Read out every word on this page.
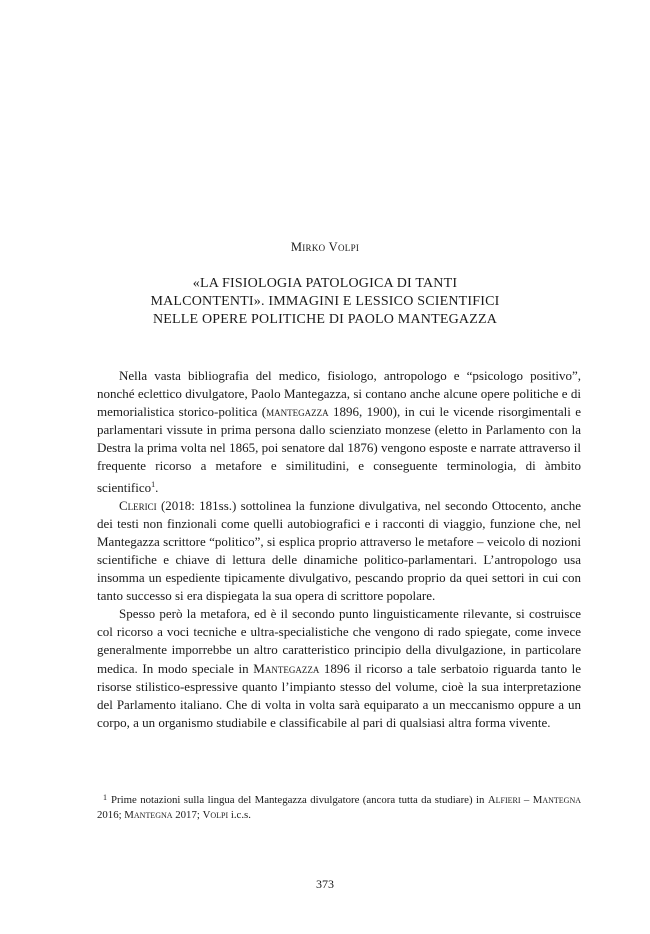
Mirko Volpi
«LA FISIOLOGIA PATOLOGICA DI TANTI
MALCONTENTI». IMMAGINI E LESSICO SCIENTIFICI
NELLE OPERE POLITICHE DI PAOLO MANTEGAZZA

Nella vasta bibliografia del medico, fisiologo, antropologo e “psicologo positivo”, nonché eclettico divulgatore, Paolo Mantegazza, si contano anche alcune opere politiche e di memorialistica storico-politica (mantegazza 1896, 1900), in cui le vicende risorgimentali e parlamentari vissute in prima persona dallo scienziato monzese (eletto in Parlamento con la Destra la prima volta nel 1865, poi senatore dal 1876) vengono esposte e narrate attraverso il frequente ricorso a metafore e similitudini, e conseguente terminologia, di àmbito scientifico$^1$.

Clerici (2018: 181ss.) sottolinea la funzione divulgativa, nel secondo Ottocento, anche dei testi non finzionali come quelli autobiografici e i racconti di viaggio, funzione che, nel Mantegazza scrittore “politico”, si esplica proprio attraverso le metafore – veicolo di nozioni scientifiche e chiave di lettura delle dinamiche politico-parlamentari. L’antropologo usa insomma un espediente tipicamente divulgativo, pescando proprio da quei settori in cui con tanto successo si era dispiegata la sua opera di scrittore popolare.

Spesso però la metafora, ed è il secondo punto linguisticamente rilevante, si costruisce col ricorso a voci tecniche e ultra-specialistiche che vengono di rado spiegate, come invece generalmente imporrebbe un altro caratteristico principio della divulgazione, in particolare medica. In modo speciale in Mantegazza 1896 il ricorso a tale serbatoio riguarda tanto le risorse stilistico-espressive quanto l’impianto stesso del volume, cioè la sua interpretazione del Parlamento italiano. Che di volta in volta sarà equiparato a un meccanismo oppure a un corpo, a un organismo studiabile e classificabile al pari di qualsiasi altra forma vivente.

$^1$ Prime notazioni sulla lingua del Mantegazza divulgatore (ancora tutta da studiare) in Alfieri – Mantegna 2016; Mantegna 2017; Volpi i.c.s.
373
